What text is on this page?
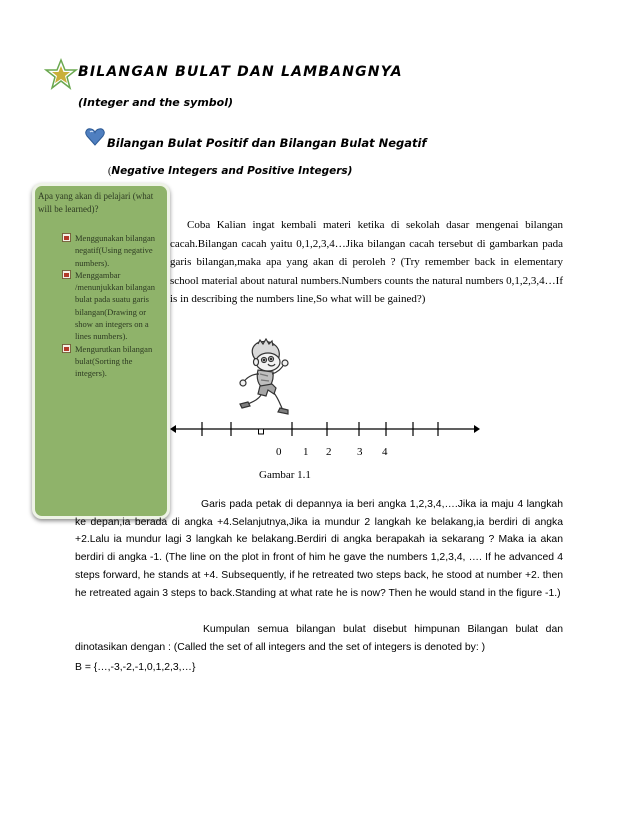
BILANGAN BULAT DAN LAMBANGNYA
(Integer and the symbol)
Bilangan Bulat Positif dan Bilangan Bulat Negatif
(Negative Integers and Positive Integers)
Apa yang akan di pelajari (what will be learned)?
Menggunakan bilangan negatif(Using negative numbers).
Menggambar /menunjukkan bilangan bulat pada suatu garis bilangan(Drawing or show an integers on a lines numbers).
Mengurutkan bilangan bulat(Sorting the integers).
Coba Kalian ingat kembali materi ketika di sekolah dasar mengenai bilangan cacah.Bilangan cacah yaitu 0,1,2,3,4…Jika bilangan cacah tersebut di gambarkan pada garis bilangan,maka apa yang akan di peroleh ? (Try remember back in elementary school material about natural numbers.Numbers counts the natural numbers 0,1,2,3,4…If is in describing the numbers line,So what will be gained?)
0 1 2 3 4
Gambar 1.1
Garis pada petak di depannya ia beri angka 1,2,3,4,….Jika ia maju 4 langkah ke depan,ia berada di angka +4.Selanjutnya,Jika ia mundur 2 langkah ke belakang,ia berdiri di angka +2.Lalu ia mundur lagi 3 langkah ke belakang.Berdiri di angka berapakah ia sekarang ? Maka ia akan berdiri di angka -1. (The line on the plot in front of him he gave the numbers 1,2,3,4, …. If he advanced 4 steps forward, he stands at +4. Subsequently, if he retreated two steps back, he stood at number +2. then he retreated again 3 steps to back.Standing at what rate he is now? Then he would stand in the figure -1.)
Kumpulan semua bilangan bulat disebut himpunan Bilangan bulat dan dinotasikan dengan : (Called the set of all integers and the set of integers is denoted by: )
B = {…,-3,-2,-1,0,1,2,3,…}
